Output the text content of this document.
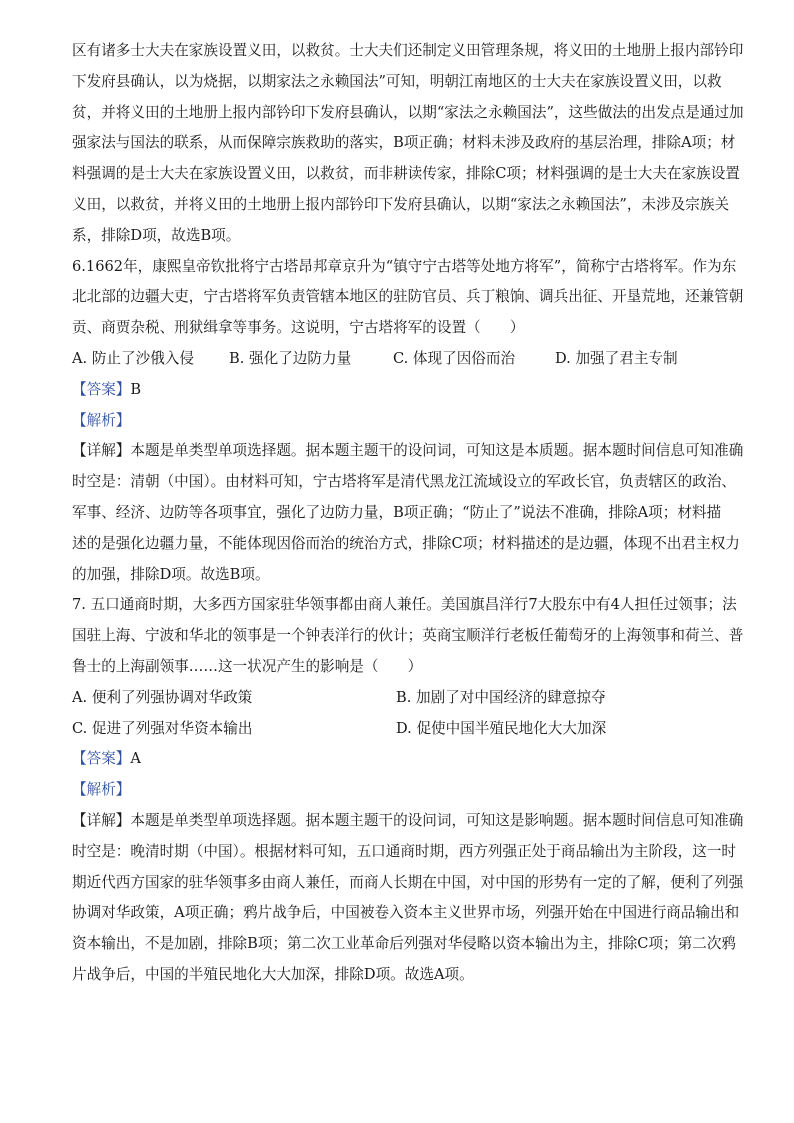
区有诸多士大夫在家族设置义田，以救贫。士大夫们还制定义田管理条规，将义田的土地册上报内部钤印

下发府县确认，以为烧据，以期家法之永赖国法”可知，明朝江南地区的士大夫在家族设置义田，以救

贫，并将义田的土地册上报内部钤印下发府县确认，以期“家法之永赖国法”，这些做法的出发点是通过加

强家法与国法的联系，从而保障宗族救助的落实，B项正确；材料未涉及政府的基层治理，排除A项；材

料强调的是士大夫在家族设置义田，以救贫，而非耕读传家，排除C项；材料强调的是士大夫在家族设置

义田，以救贫，并将义田的土地册上报内部钤印下发府县确认，以期“家法之永赖国法”，未涉及宗族关

系，排除D项，故选B项。

6.1662年，康熙皇帝钦批将宁古塔昂邦章京升为“镇守宁古塔等处地方将军”，简称宁古塔将军。作为东

北北部的边疆大吏，宁古塔将军负责管辖本地区的驻防官员、兵丁粮饷、调兵出征、开垦荒地，还兼管朝

贡、商贾杂税、刑狱缉拿等事务。这说明，宁古塔将军的设置（　　）

A. 防止了沙俄入侵	B. 强化了边防力量	C. 体现了因俗而治	D. 加强了君主专制

【答案】B

【解析】

【详解】本题是单类型单项选择题。据本题主题干的设问词，可知这是本质题。据本题时间信息可知准确

时空是：清朝（中国）。由材料可知，宁古塔将军是清代黑龙江流域设立的军政长官，负责辖区的政治、

军事、经济、边防等各项事宜，强化了边防力量，B项正确；“防止了”说法不准确，排除A项；材料描

述的是强化边疆力量，不能体现因俗而治的统治方式，排除C项；材料描述的是边疆，体现不出君主权力

的加强，排除D项。故选B项。

7. 五口通商时期，大多西方国家驻华领事都由商人兼任。美国旗昌洋行7大股东中有4人担任过领事；法

国驻上海、宁波和华北的领事是一个钟表洋行的伙计；英商宝顺洋行老板任葡萄牙的上海领事和荷兰、普

鲁士的上海副领事……这一状况产生的影响是（　　）

A. 便利了列强协调对华政策	B. 加剧了对中国经济的肆意掠夺

C. 促进了列强对华资本输出	D. 促使中国半殖民地化大大加深

【答案】A

【解析】

【详解】本题是单类型单项选择题。据本题主题干的设问词，可知这是影响题。据本题时间信息可知准确

时空是：晚清时期（中国）。根据材料可知，五口通商时期，西方列强正处于商品输出为主阶段，这一时

期近代西方国家的驻华领事多由商人兼任，而商人长期在中国，对中国的形势有一定的了解，便利了列强

协调对华政策，A项正确；鸦片战争后，中国被卷入资本主义世界市场，列强开始在中国进行商品输出和

资本输出，不是加剧，排除B项；第二次工业革命后列强对华侵略以资本输出为主，排除C项；第二次鸦

片战争后，中国的半殖民地化大大加深，排除D项。故选A项。
